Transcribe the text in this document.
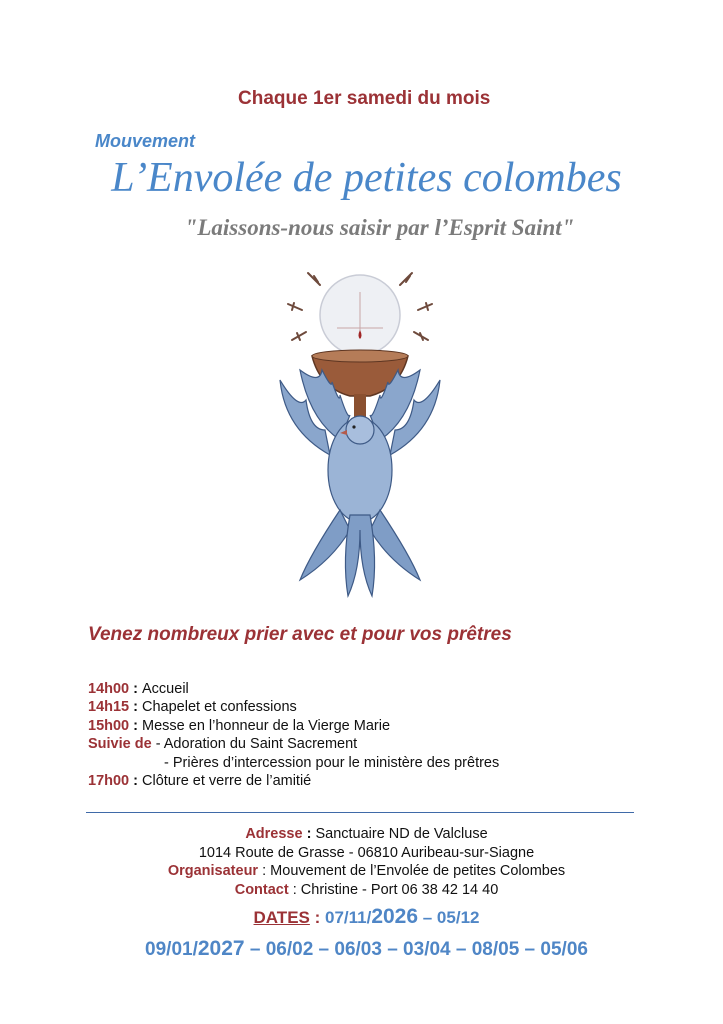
Chaque 1er samedi du mois
Mouvement
L’Envolée de petites colombes
"Laissons-nous saisir par l’Esprit Saint"
Venez nombreux prier avec et pour vos prêtres
14h00 : Accueil
14h15 : Chapelet et confessions
15h00 : Messe en l’honneur de la Vierge Marie
Suivie de - Adoration du Saint Sacrement
- Prières d’intercession pour le ministère des prêtres
17h00 : Clôture et verre de l’amitié
Adresse : Sanctuaire ND de Valcluse
1014 Route de Grasse - 06810 Auribeau-sur-Siagne
Organisateur : Mouvement de l’Envolée de petites Colombes
Contact : Christine - Port 06 38 42 14 40
DATES : 07/11/2026 – 05/12
09/01/2027 – 06/02 – 06/03 – 03/04 – 08/05 – 05/06
